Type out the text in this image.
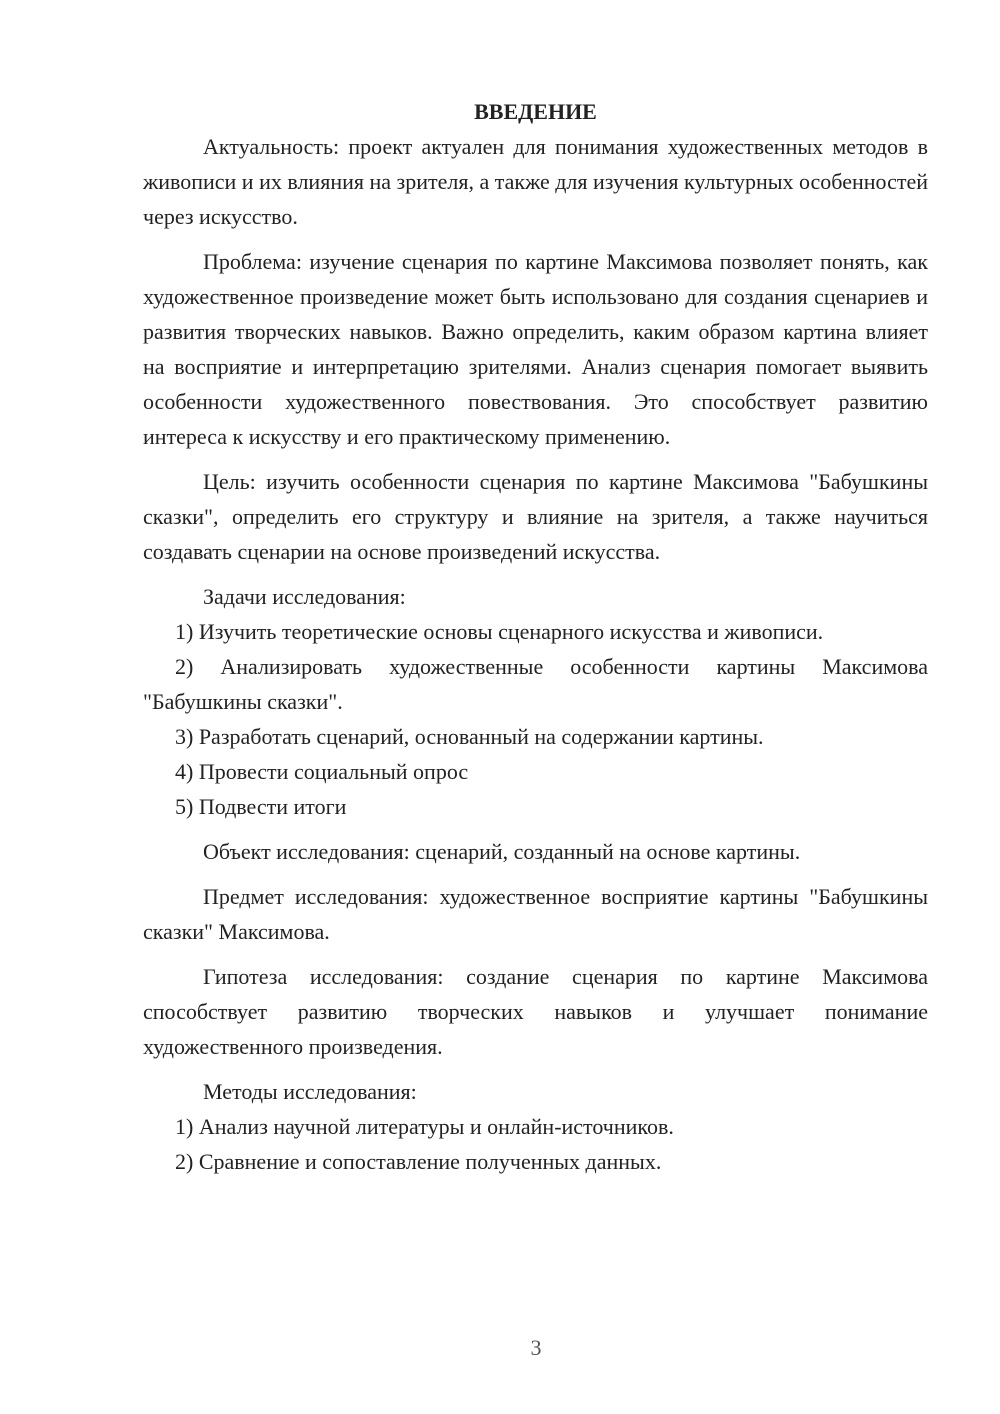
ВВЕДЕНИЕ

Актуальность: проект актуален для понимания художественных методов в живописи и их влияния на зрителя, а также для изучения культурных особенностей через искусство.

Проблема: изучение сценария по картине Максимова позволяет понять, как художественное произведение может быть использовано для создания сценариев и развития творческих навыков. Важно определить, каким образом картина влияет на восприятие и интерпретацию зрителями. Анализ сценария помогает выявить особенности художественного повествования. Это способствует развитию интереса к искусству и его практическому применению.

Цель: изучить особенности сценария по картине Максимова "Бабушкины сказки", определить его структуру и влияние на зрителя, а также научиться создавать сценарии на основе произведений искусства.

Задачи исследования:

1) Изучить теоретические основы сценарного искусства и живописи.

2) Анализировать художественные особенности картины Максимова "Бабушкины сказки".

3) Разработать сценарий, основанный на содержании картины.

4) Провести социальный опрос

5) Подвести итоги

Объект исследования: сценарий, созданный на основе картины.

Предмет исследования: художественное восприятие картины "Бабушкины сказки" Максимова.

Гипотеза исследования: создание сценария по картине Максимова способствует развитию творческих навыков и улучшает понимание художественного произведения.

Методы исследования:

1) Анализ научной литературы и онлайн-источников.

2) Сравнение и сопоставление полученных данных.

3
